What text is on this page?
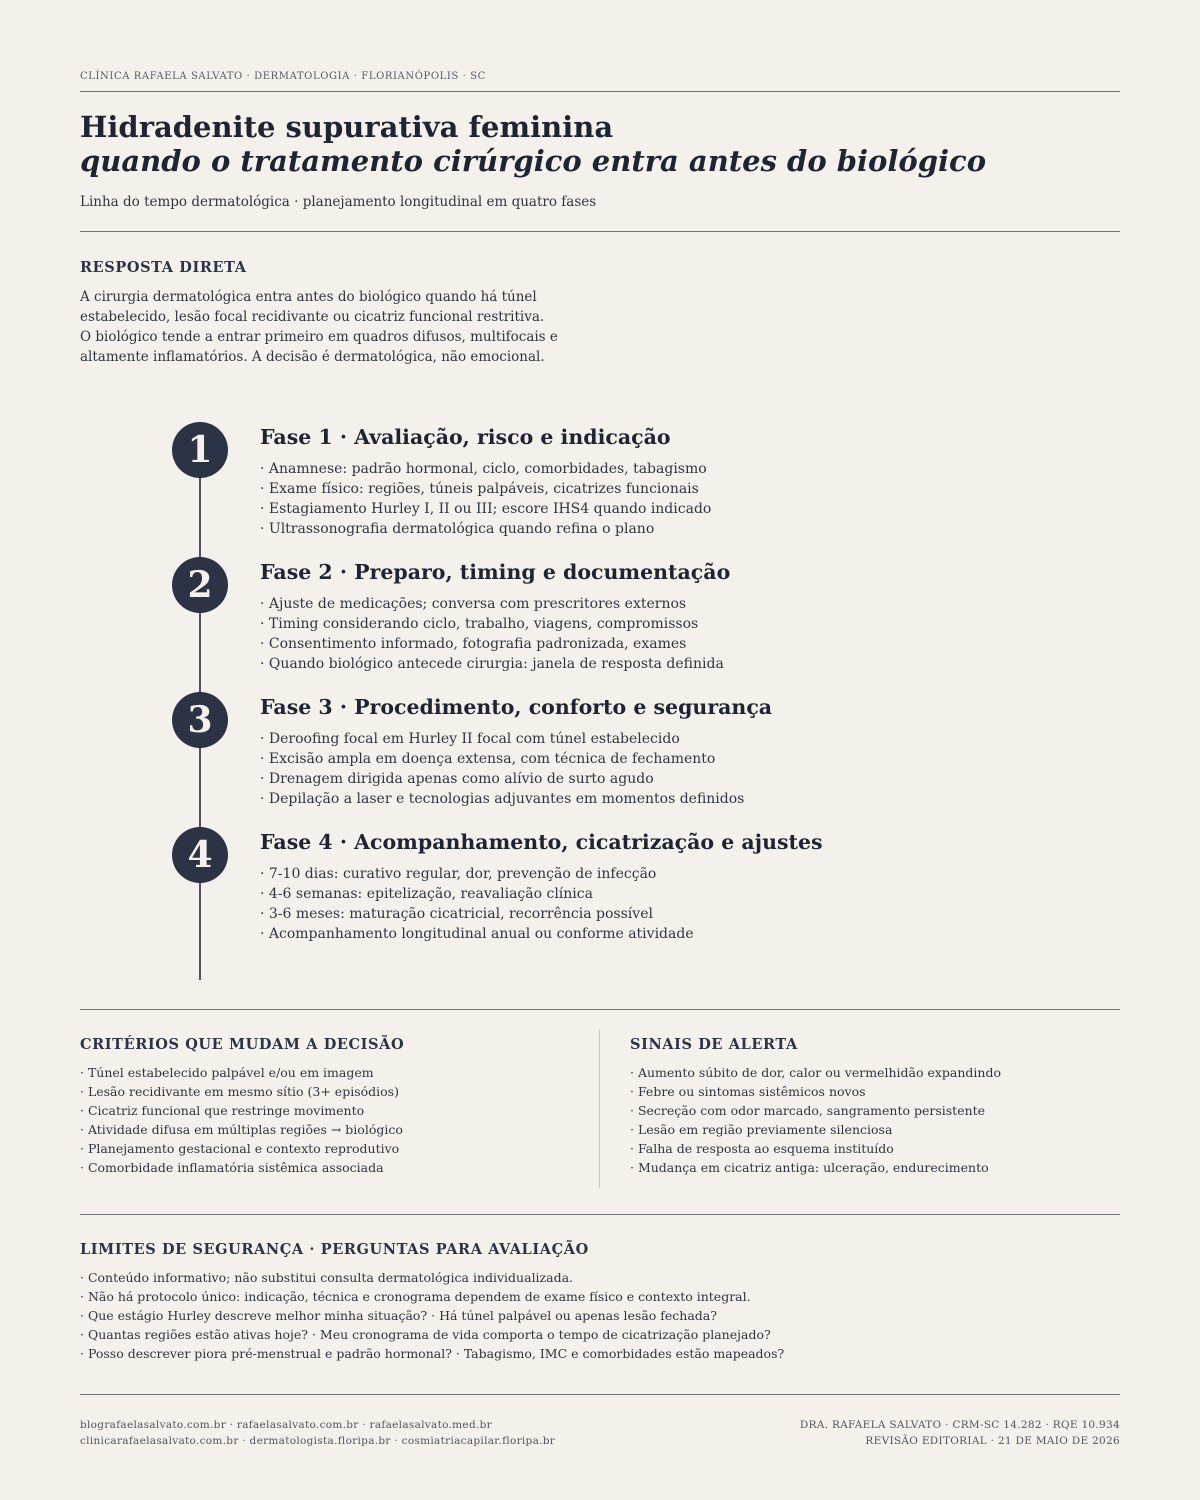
CLÍNICA RAFAELA SALVATO · DERMATOLOGIA · FLORIANÓPOLIS · SC
Hidradenite supurativa feminina
quando o tratamento cirúrgico entra antes do biológico
Linha do tempo dermatológica · planejamento longitudinal em quatro fases
RESPOSTA DIRETA
A cirurgia dermatológica entra antes do biológico quando há túnel
estabelecido, lesão focal recidivante ou cicatriz funcional restritiva.
O biológico tende a entrar primeiro em quadros difusos, multifocais e
altamente inflamatórios. A decisão é dermatológica, não emocional.
1	Fase 1 · Avaliação, risco e indicação
· Anamnese: padrão hormonal, ciclo, comorbidades, tabagismo
· Exame físico: regiões, túneis palpáveis, cicatrizes funcionais
· Estagiamento Hurley I, II ou III; escore IHS4 quando indicado
· Ultrassonografia dermatológica quando refina o plano
2	Fase 2 · Preparo, timing e documentação
· Ajuste de medicações; conversa com prescritores externos
· Timing considerando ciclo, trabalho, viagens, compromissos
· Consentimento informado, fotografia padronizada, exames
· Quando biológico antecede cirurgia: janela de resposta definida
3	Fase 3 · Procedimento, conforto e segurança
· Deroofing focal em Hurley II focal com túnel estabelecido
· Excisão ampla em doença extensa, com técnica de fechamento
· Drenagem dirigida apenas como alívio de surto agudo
· Depilação a laser e tecnologias adjuvantes em momentos definidos
4	Fase 4 · Acompanhamento, cicatrização e ajustes
· 7-10 dias: curativo regular, dor, prevenção de infecção
· 4-6 semanas: epitelização, reavaliação clínica
· 3-6 meses: maturação cicatricial, recorrência possível
· Acompanhamento longitudinal anual ou conforme atividade
CRITÉRIOS QUE MUDAM A DECISÃO
· Túnel estabelecido palpável e/ou em imagem
· Lesão recidivante em mesmo sítio (3+ episódios)
· Cicatriz funcional que restringe movimento
· Atividade difusa em múltiplas regiões → biológico
· Planejamento gestacional e contexto reprodutivo
· Comorbidade inflamatória sistêmica associada
SINAIS DE ALERTA
· Aumento súbito de dor, calor ou vermelhidão expandindo
· Febre ou sintomas sistêmicos novos
· Secreção com odor marcado, sangramento persistente
· Lesão em região previamente silenciosa
· Falha de resposta ao esquema instituído
· Mudança em cicatriz antiga: ulceração, endurecimento
LIMITES DE SEGURANÇA · PERGUNTAS PARA AVALIAÇÃO
· Conteúdo informativo; não substitui consulta dermatológica individualizada.
· Não há protocolo único: indicação, técnica e cronograma dependem de exame físico e contexto integral.
· Que estágio Hurley descreve melhor minha situação? · Há túnel palpável ou apenas lesão fechada?
· Quantas regiões estão ativas hoje? · Meu cronograma de vida comporta o tempo de cicatrização planejado?
· Posso descrever piora pré-menstrual e padrão hormonal? · Tabagismo, IMC e comorbidades estão mapeados?
blografaelasalvato.com.br · rafaelasalvato.com.br · rafaelasalvato.med.br
clinicarafaelasalvato.com.br · dermatologista.floripa.br · cosmiatriacapilar.floripa.br
DRA. RAFAELA SALVATO · CRM-SC 14.282 · RQE 10.934
REVISÃO EDITORIAL · 21 DE MAIO DE 2026
